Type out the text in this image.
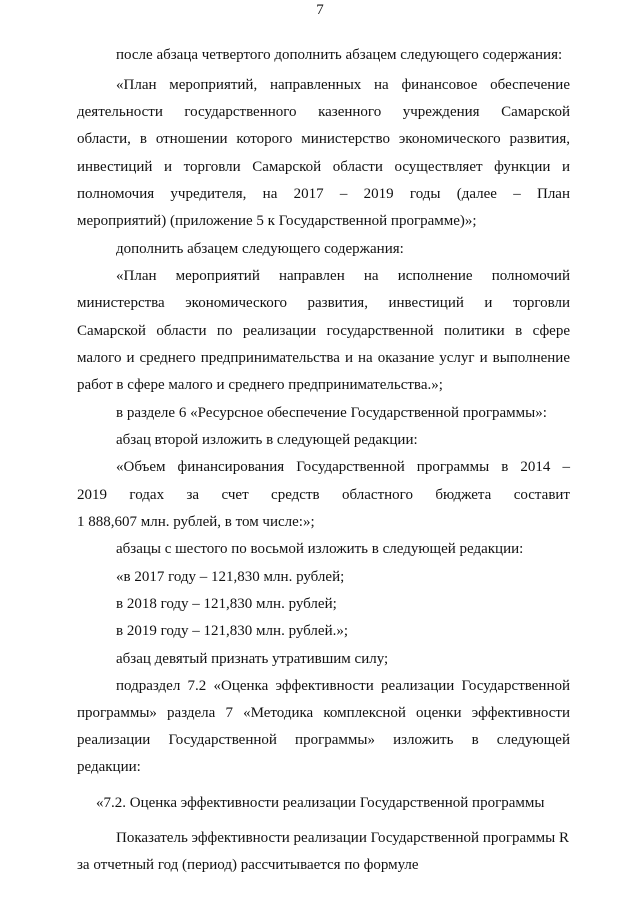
7
после абзаца четвертого дополнить абзацем следующего содержания:
«План мероприятий, направленных на финансовое обеспечение
деятельности государственного казенного учреждения Самарской
области, в отношении которого министерство экономического развития,
инвестиций и торговли Самарской области осуществляет функции и
полномочия учредителя, на 2017 – 2019 годы (далее – План
мероприятий) (приложение 5 к Государственной программе)»;
дополнить абзацем следующего содержания:
«План мероприятий направлен на исполнение полномочий
министерства экономического развития, инвестиций и торговли
Самарской области по реализации государственной политики в сфере
малого и среднего предпринимательства и на оказание услуг и выполнение
работ в сфере малого и среднего предпринимательства.»;
в разделе 6 «Ресурсное обеспечение Государственной программы»:
абзац второй изложить в следующей редакции:
«Объем финансирования Государственной программы в 2014 –
2019 годах за счет средств областного бюджета составит
1 888,607 млн. рублей, в том числе:»;
абзацы с шестого по восьмой изложить в следующей редакции:
«в 2017 году – 121,830 млн. рублей;
в 2018 году – 121,830 млн. рублей;
в 2019 году – 121,830 млн. рублей.»;
абзац девятый признать утратившим силу;
подраздел 7.2 «Оценка эффективности реализации Государственной
программы» раздела 7 «Методика комплексной оценки эффективности
реализации Государственной программы» изложить в следующей
редакции:
«7.2. Оценка эффективности реализации Государственной программы
Показатель эффективности реализации Государственной программы R
за отчетный год (период) рассчитывается по формуле
